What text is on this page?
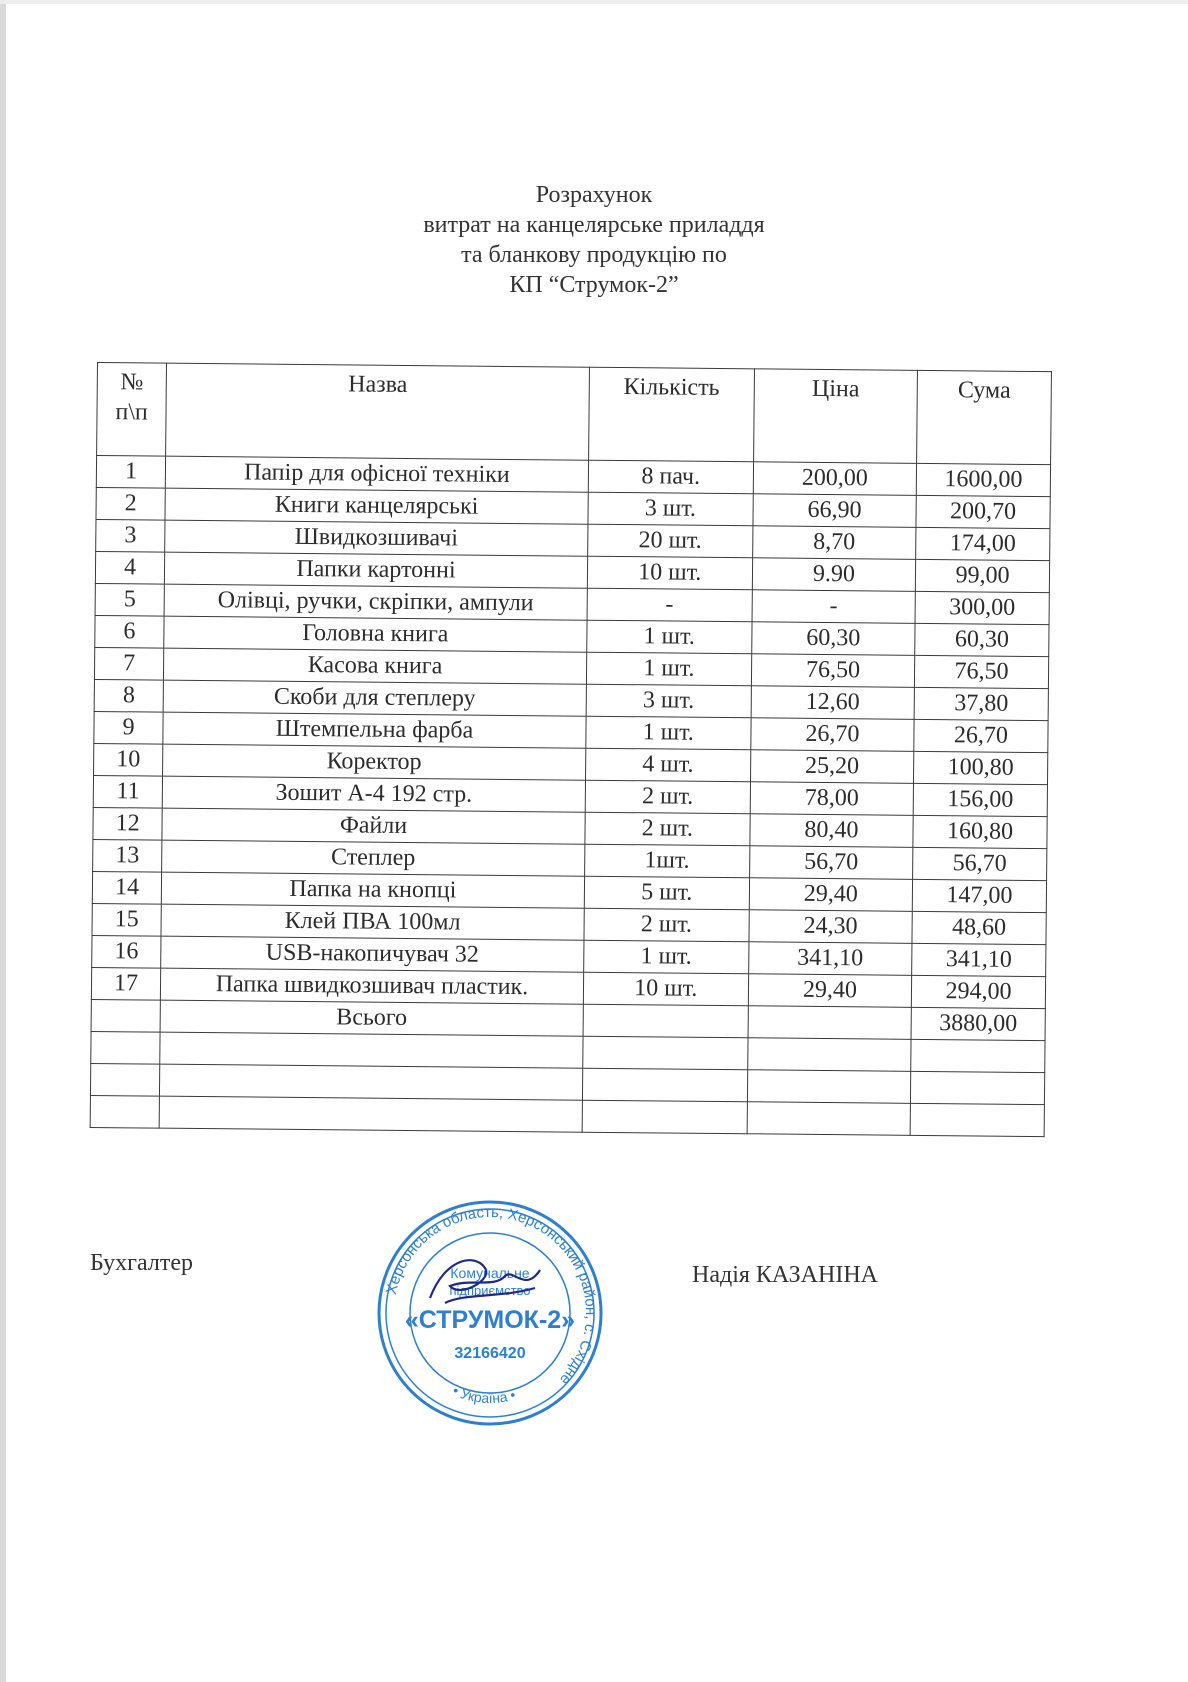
Розрахунок
витрат на канцелярське приладдя
та бланкову продукцію по
КП “Струмок-2”
№ п\п	Назва	Кількість	Ціна	Сума
1	Папір для офісної техніки	8 пач.	200,00	1600,00
2	Книги канцелярські	3 шт.	66,90	200,70
3	Швидкозшивачі	20 шт.	8,70	174,00
4	Папки картонні	10 шт.	9.90	99,00
5	Олівці, ручки, скріпки, ампули	-	-	300,00
6	Головна книга	1 шт.	60,30	60,30
7	Касова книга	1 шт.	76,50	76,50
8	Скоби для степлеру	3 шт.	12,60	37,80
9	Штемпельна фарба	1 шт.	26,70	26,70
10	Коректор	4 шт.	25,20	100,80
11	Зошит А-4 192 стр.	2 шт.	78,00	156,00
12	Файли	2 шт.	80,40	160,80
13	Степлер	1шт.	56,70	56,70
14	Папка на кнопці	5 шт.	29,40	147,00
15	Клей ПВА 100мл	2 шт.	24,30	48,60
16	USB-накопичувач 32	1 шт.	341,10	341,10
17	Папка швидкозшивач пластик.	10 шт.	29,40	294,00
	Всього			3880,00

Бухгалтер	Надія КАЗАНІНА
Херсонська область, Херсонський район, с. Східне
• Україна •
Комунальне
підприємство
«СТРУМОК-2»
32166420
